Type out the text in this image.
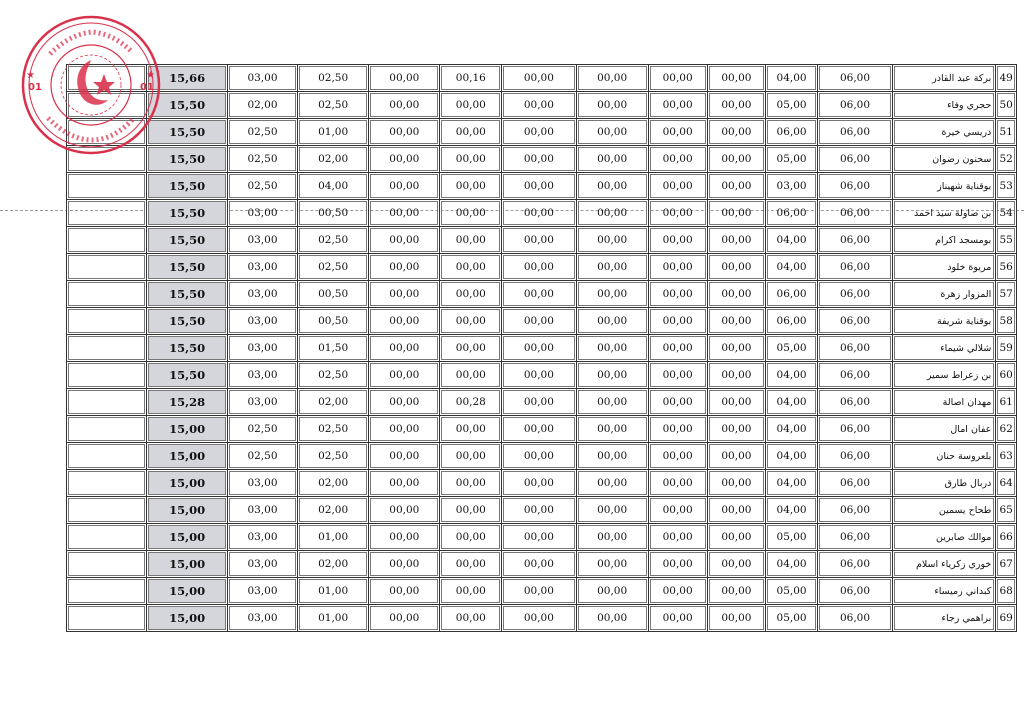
	15,66	03,00	02,50	00,00	00,16	00,00	00,00	00,00	00,00	04,00	06,00	بركة عبد القادر	49
	15,50	02,00	02,50	00,00	00,00	00,00	00,00	00,00	00,00	05,00	06,00	حجري وفاء	50
	15,50	02,50	01,00	00,00	00,00	00,00	00,00	00,00	00,00	06,00	06,00	دريسي خيرة	51
	15,50	02,50	02,00	00,00	00,00	00,00	00,00	00,00	00,00	05,00	06,00	سحنون رضوان	52
	15,50	02,50	04,00	00,00	00,00	00,00	00,00	00,00	00,00	03,00	06,00	بوقناية شهيناز	53
	15,50	03,00	00,50	00,00	00,00	00,00	00,00	00,00	00,00	06,00	06,00	بن صاولة سيد احمد	54
	15,50	03,00	02,50	00,00	00,00	00,00	00,00	00,00	00,00	04,00	06,00	بومسجد اكرام	55
	15,50	03,00	02,50	00,00	00,00	00,00	00,00	00,00	00,00	04,00	06,00	مريوة خلود	56
	15,50	03,00	00,50	00,00	00,00	00,00	00,00	00,00	00,00	06,00	06,00	المزوار زهرة	57
	15,50	03,00	00,50	00,00	00,00	00,00	00,00	00,00	00,00	06,00	06,00	بوقناية شريفة	58
	15,50	03,00	01,50	00,00	00,00	00,00	00,00	00,00	00,00	05,00	06,00	شلالي شيماء	59
	15,50	03,00	02,50	00,00	00,00	00,00	00,00	00,00	00,00	04,00	06,00	بن زعراط سمير	60
	15,28	03,00	02,00	00,00	00,28	00,00	00,00	00,00	00,00	04,00	06,00	مهدان اصالة	61
	15,00	02,50	02,50	00,00	00,00	00,00	00,00	00,00	00,00	04,00	06,00	عفان امال	62
	15,00	02,50	02,50	00,00	00,00	00,00	00,00	00,00	00,00	04,00	06,00	بلعروسة حنان	63
	15,00	03,00	02,00	00,00	00,00	00,00	00,00	00,00	00,00	04,00	06,00	دربال طارق	64
	15,00	03,00	02,00	00,00	00,00	00,00	00,00	00,00	00,00	04,00	06,00	طحاح يسمين	65
	15,00	03,00	01,00	00,00	00,00	00,00	00,00	00,00	00,00	05,00	06,00	موالك صابرين	66
	15,00	03,00	02,00	00,00	00,00	00,00	00,00	00,00	00,00	04,00	06,00	خوري زكرياء اسلام	67
	15,00	03,00	01,00	00,00	00,00	00,00	00,00	00,00	00,00	05,00	06,00	كبداني رميساء	68
	15,00	03,00	01,00	00,00	00,00	00,00	00,00	00,00	00,00	05,00	06,00	براهمي رجاء	69
01	01
★	★
